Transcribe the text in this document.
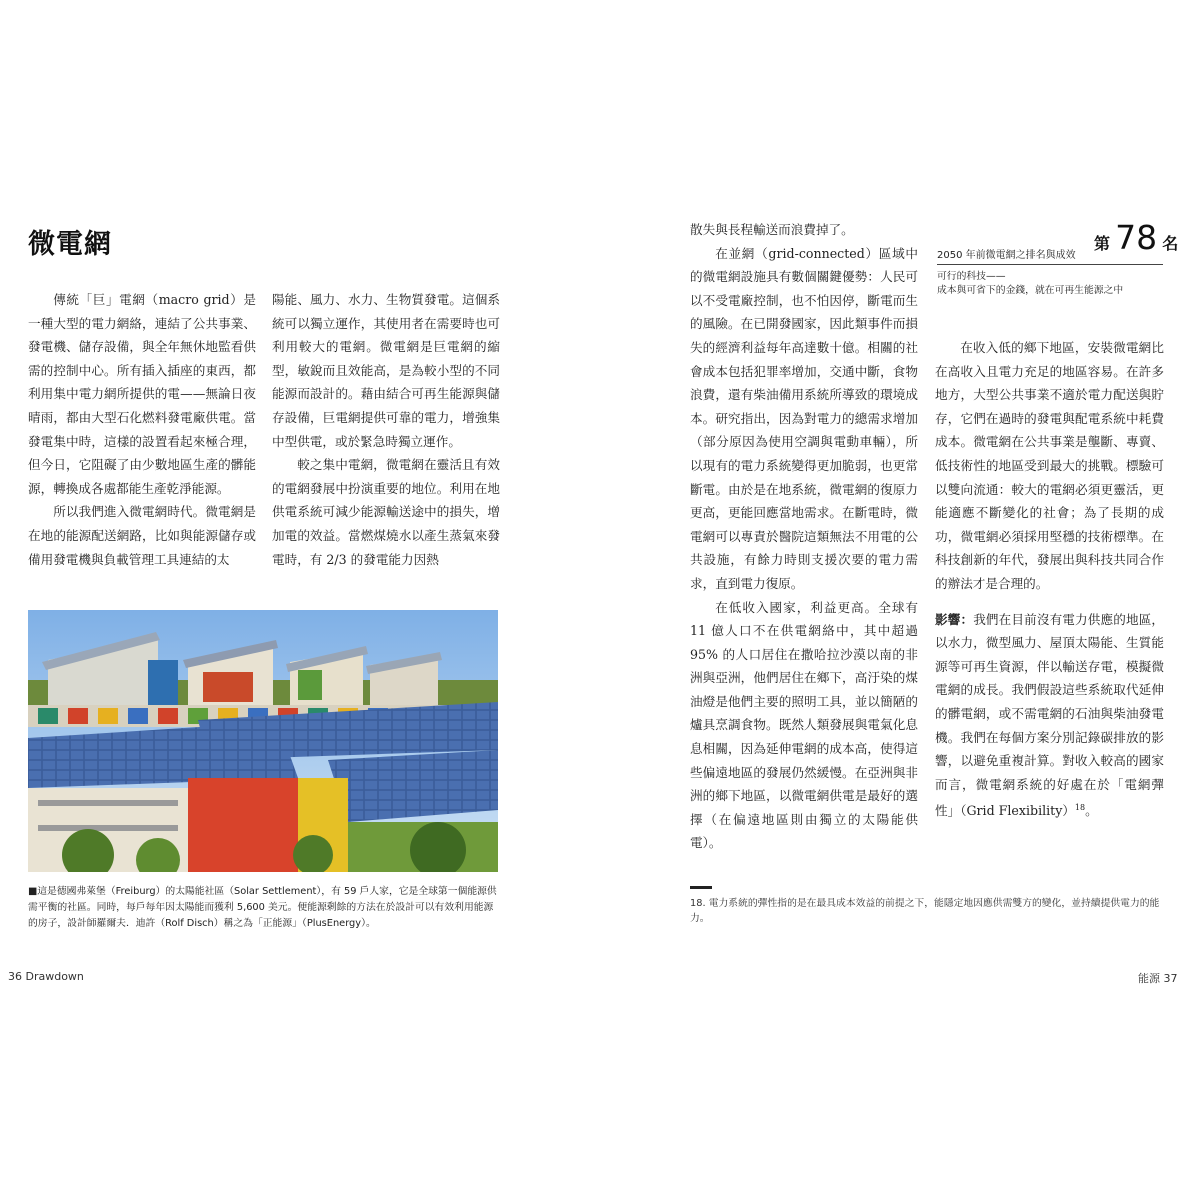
微電網

傳統「巨」電網（macro grid）是一種大型的電力網絡，連結了公共事業、發電機、儲存設備，與全年無休地監看供需的控制中心。所有插入插座的東西，都利用集中電力網所提供的電——無論日夜晴雨，都由大型石化燃料發電廠供電。當發電集中時，這樣的設置看起來極合理，但今日，它阻礙了由少數地區生產的髒能源，轉換成各處都能生產乾淨能源。

所以我們進入微電網時代。微電網是在地的能源配送網路，比如與能源儲存或備用發電機與負載管理工具連結的太

陽能、風力、水力、生物質發電。這個系統可以獨立運作，其使用者在需要時也可利用較大的電網。微電網是巨電網的縮型，敏銳而且效能高，是為較小型的不同能源而設計的。藉由結合可再生能源與儲存設備，巨電網提供可靠的電力，增強集中型供電，或於緊急時獨立運作。

較之集中電網，微電網在靈活且有效的電網發展中扮演重要的地位。利用在地供電系統可減少能源輸送途中的損失，增加電的效益。當燃煤燒水以產生蒸氣來發電時，有 2/3 的發電能力因熱

■這是德國弗萊堡（Freiburg）的太陽能社區（Solar Settlement），有 59 戶人家，它是全球第一個能源供需平衡的社區。同時，每戶每年因太陽能而獲利 5,600 美元。便能源剩餘的方法在於設計可以有效利用能源的房子，設計師羅爾夫．迪許（Rolf Disch）稱之為「正能源」（PlusEnergy）。
36 Drawdown

散失與長程輸送而浪費掉了。

在並網（grid-connected）區域中的微電網設施具有數個關鍵優勢：人民可以不受電廠控制，也不怕因停，斷電而生的風險。在已開發國家，因此類事件而損失的經濟利益每年高達數十億。相關的社會成本包括犯罪率增加，交通中斷，食物浪費，還有柴油備用系統所導致的環境成本。研究指出，因為對電力的總需求增加（部分原因為使用空調與電動車輛），所以現有的電力系統變得更加脆弱，也更常斷電。由於是在地系統，微電網的復原力更高，更能回應當地需求。在斷電時，微電網可以專責於醫院這類無法不用電的公共設施，有餘力時則支援次要的電力需求，直到電力復原。

在低收入國家，利益更高。全球有 11 億人口不在供電網絡中，其中超過 95% 的人口居住在撒哈拉沙漠以南的非洲與亞洲，他們居住在鄉下，高汙染的煤油燈是他們主要的照明工具，並以簡陋的爐具烹調食物。既然人類發展與電氣化息息相關，因為延伸電網的成本高，使得這些偏遠地區的發展仍然緩慢。在亞洲與非洲的鄉下地區，以微電網供電是最好的選擇（在偏遠地區則由獨立的太陽能供電）。

2050 年前微電網之排名與成效
第 78 名
可行的科技——
成本與可省下的金錢，就在可再生能源之中

在收入低的鄉下地區，安裝微電網比在高收入且電力充足的地區容易。在許多地方，大型公共事業不適於電力配送與貯存，它們在過時的發電與配電系統中耗費成本。微電網在公共事業是壟斷、專賣、低技術性的地區受到最大的挑戰。標驗可以雙向流通：較大的電網必須更靈活，更能適應不斷變化的社會；為了長期的成功，微電網必須採用堅穩的技術標準。在科技創新的年代，發展出與科技共同合作的辦法才是合理的。

影響：我們在目前沒有電力供應的地區，以水力，微型風力、屋頂太陽能、生質能源等可再生資源，伴以輸送存電，模擬微電網的成長。我們假設這些系統取代延伸的髒電網，或不需電網的石油與柴油發電機。我們在每個方案分別記錄碳排放的影響，以避免重複計算。對收入較高的國家而言，微電網系統的好處在於「電網彈性」（Grid Flexibility）$^{18}$。

18. 電力系統的彈性指的是在最具成本效益的前提之下，能隱定地因應供需雙方的變化，並持續提供電力的能力。
能源 37
